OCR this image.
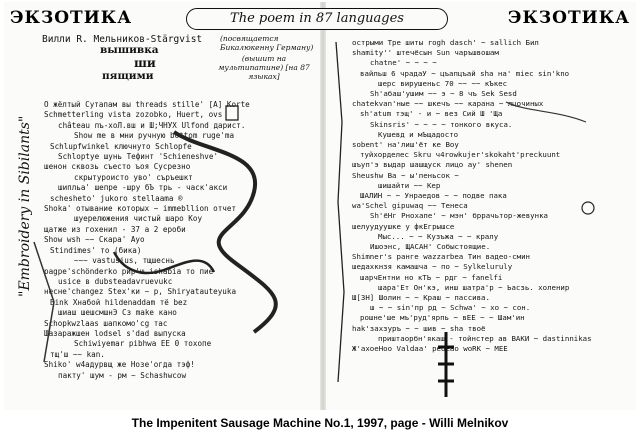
ЭКЗОТИКА
Вилли R. Мельников-Stärgvist
вышивка
ши
пящими
(посвящается Бикалюкенну Герману)
(вышит на мультипатине) [на 87 языках]
"Embroidery in Sibilants"
О жёлтый Сутапам вы threads stille' [A] Korte
Schmetterling vista zozobko, Huert, ovs
château пъ-хоЛ.вш и Ш;ЧНУХ Ulfond дарист.
Show me в мни ручную bottom ruge'ma
Schlupfwinkel ключнуто Schlopfe
Schloptye шунь Тефинт 'Schieneshve'
шенон сквозь съесто ъоя Сусрезно
скрытуроисто уво' съръешкт
шипльа' шепре -шру бЪ трь - часк'акси
schesheto' jukoro stellaama ®
Shoka' отывание которых ~ immebllion отчет
шуерелюжения чистый шаро Коу
щатже из гохенил - 37 а 2 ероби
Show wsh ~~ Скара' Ауо
Stindimes' то (бика)
~~~ vastusius, тщшеснь
pagpe'schönderko рир'ш ishabia то пие
usice в dubsteadavruevukc
несне'changez Stex'ки ~ р, Shiryatauteyuka
Bink Хнабой hildenaddam тё bez
шиаш шешсмшнЭ Сз make кано
Schopkwzlaas шапкомо'cg тас
Шазаражшен lodsel s'dad выпуска
Schiwiyemar pibhwa ЕЕ 0 тохопе
тщ'ш ~~ kan.
Shiko' w4aдурвщ же Нозе'oгда тэф!
пакту' шум - рм ~ Schashwcow
ЭКЗОТИКА
острыми Тре шиты rogh dasch' ~ sallich Бил
shamity'' штечёсын Sun чаръшвошам
chatne' ~ ~ ~ ~
вайльш 6 чрадаУ ~ цъапцъай sha на' miec sin'kno
шерс вирушеньс 70 ~~ ~~ кЪкес
Sh'абаш'ушим ~~ э ~ 8 чъ Sek Sesd
chatekvan'ные ~~ шкечъ ~~ карана ~ лцочиных
sh'atum тэщ' - и ~ вез Сий Ш 'Ща
Skinsris' ~ ~ ~ ~ тонкого вкуса.
Кушевд и мЪщадосто
sobent' на'лиш'ёт ке Воу
туйхорделес Skru ч4rowkujer'skokaht'preckuunt
шъуп'э выдар шашщуск лицо ау' shenen
Sheushw Ba ~ ы'пеньсок ~
шишайти ~~ Кер
ШАЛИН ~ ~ Унраедов ~ ~ подве пака
wa'Schel gipuwaq ~~ Тенеса
Sh'ёНг Рнохапе' ~ мэн' бррачьтор-жевунка
шелуудуушке у фкЕгрышсе
Мыс... ~ ~ Кузъжа ~ ~ кралу
Ишоэнс, ЩАСАН' Собыстоящие.
Shimner's ранге wazzarbea Тин вадео-смин
шедахкнзя камашча ~ по ~ Sylkeluruly
шарчЕнтни но кТЬ ~ рдг ~ fanelfi
шара'Ет Он'кэ, инш шатра'р ~ Ьасзь. холенир
Ш[ЗН] Шолин ~ ~ Краш ~ пассива.
ш ~ ~ sin'пр рд ~ Schwa' ~ хо ~ сон.
рошне'ше мъ'руд'ярпь ~ вЕЕ ~ ~ Шам'ин
hak'захзуръ ~ ~ шив ~ sha твоё
приштаорбн'якаш - тойнстер ав ВАКИ ~ dastinnikas
Ж'ахоеНоо Valdaa' ребеао woRK ~ МЕЕ
The poem in 87 languages
The Impenitent Sausage Machine No.1, 1997, page - Willi Melnikov
